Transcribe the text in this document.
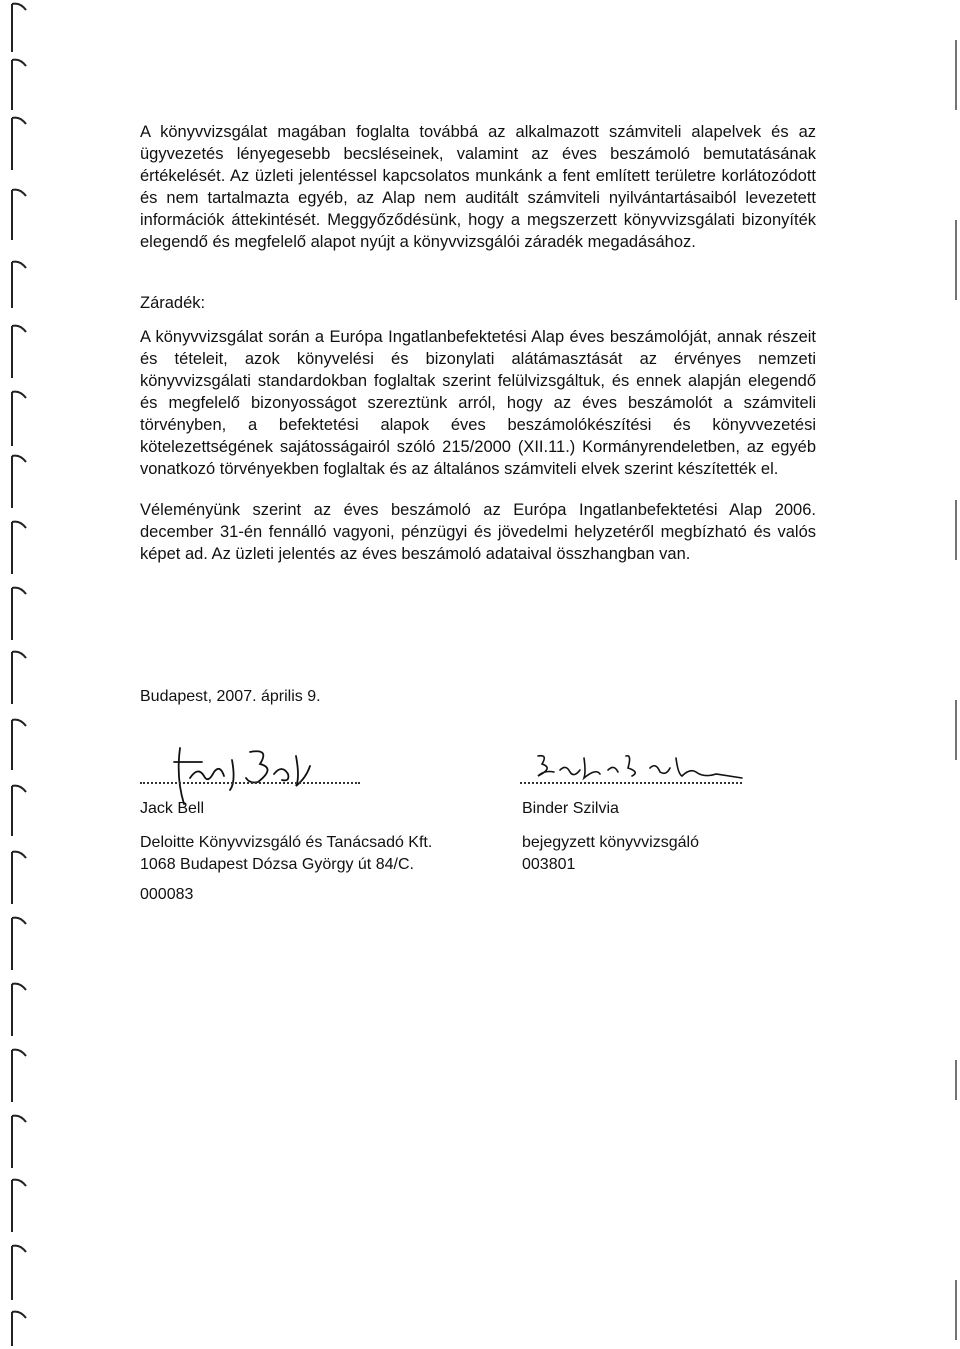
A könyvvizsgálat magában foglalta továbbá az alkalmazott számviteli alapelvek és az ügyvezetés lényegesebb becsléseinek, valamint az éves beszámoló bemutatásának értékelését. Az üzleti jelentéssel kapcsolatos munkánk a fent említett területre korlátozódott és nem tartalmazta egyéb, az Alap nem auditált számviteli nyilvántartásaiból levezetett információk áttekintését. Meggyőződésünk, hogy a megszerzett könyvvizsgálati bizonyíték elegendő és megfelelő alapot nyújt a könyvvizsgálói záradék megadásához.

Záradék:

A könyvvizsgálat során a Európa Ingatlanbefektetési Alap éves beszámolóját, annak részeit és tételeit, azok könyvelési és bizonylati alátámasztását az érvényes nemzeti könyvvizsgálati standardokban foglaltak szerint felülvizsgáltuk, és ennek alapján elegendő és megfelelő bizonyosságot szereztünk arról, hogy az éves beszámolót a számviteli törvényben, a befektetési alapok éves beszámolókészítési és könyvvezetési kötelezettségének sajátosságairól szóló 215/2000 (XII.11.) Kormányrendeletben, az egyéb vonatkozó törvényekben foglaltak és az általános számviteli elvek szerint készítették el.

Véleményünk szerint az éves beszámoló az Európa Ingatlanbefektetési Alap 2006. december 31-én fennálló vagyoni, pénzügyi és jövedelmi helyzetéről megbízható és valós képet ad. Az üzleti jelentés az éves beszámoló adataival összhangban van.

Budapest, 2007. április 9.
Jack Bell
Deloitte Könyvvizsgáló és Tanácsadó Kft.
1068 Budapest Dózsa György út 84/C.
000083
Binder Szilvia
bejegyzett könyvvizsgáló
003801
